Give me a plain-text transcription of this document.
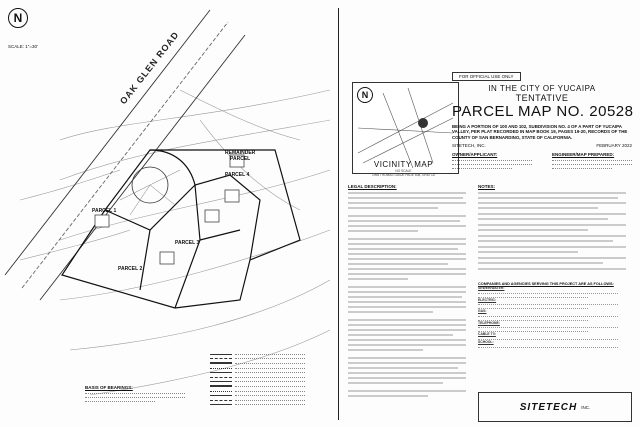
N
SCALE: 1"=30'	OAK GLEN ROAD
REMAINDER
PARCEL
PARCEL 1
PARCEL 2
PARCEL 3
PARCEL 4
BASIS OF BEARINGS:
FOR OFFICIAL USE ONLY
N
VICINITY MAP
NO SCALE
1998 THOMAS GUIDE PAGE 608, GRID C6
IN THE CITY OF YUCAIPA
TENTATIVE
PARCEL MAP NO. 20528
BEING A PORTION OF 100 AND 102, SUBDIVISION NO. 4 OF A PART OF YUCAIPA VALLEY, PER PLAT RECORDED IN MAP BOOK 19, PAGES 19-20, RECORDS OF THE COUNTY OF SAN BERNARDINO, STATE OF CALIFORNIA.
SITETECH, INC.	FEBRUARY 2022
OWNER/APPLICANT:	ENGINEER/MAP PREPARED:
LEGAL DESCRIPTION:	NOTES:
COMPANIES AND AGENCIES SERVING THIS PROJECT ARE AS FOLLOWS:
SEWER/WATER:
ELECTRIC:
GAS:
TELEPHONE:
CABLE TV:
SCHOOL:
SITETECH INC.
